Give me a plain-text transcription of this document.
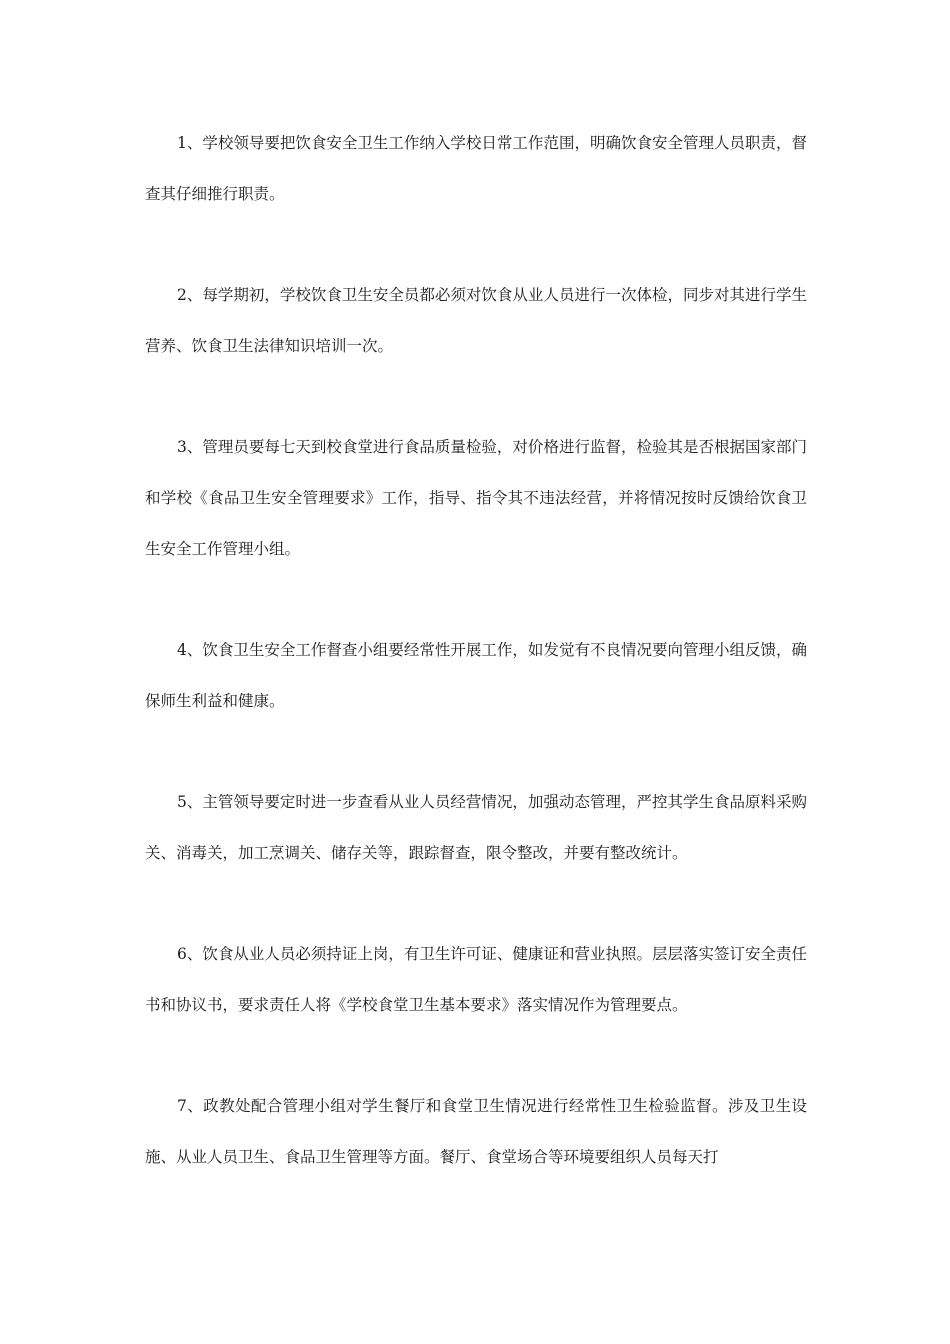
1、学校领导要把饮食安全卫生工作纳入学校日常工作范围，明确饮食安全管理人员职责，督查其仔细推行职责。

2、每学期初，学校饮食卫生安全员都必须对饮食从业人员进行一次体检，同步对其进行学生营养、饮食卫生法律知识培训一次。

3、管理员要每七天到校食堂进行食品质量检验，对价格进行监督，检验其是否根据国家部门和学校《食品卫生安全管理要求》工作，指导、指令其不违法经营，并将情况按时反馈给饮食卫生安全工作管理小组。

4、饮食卫生安全工作督查小组要经常性开展工作，如发觉有不良情况要向管理小组反馈，确保师生利益和健康。

5、主管领导要定时进一步查看从业人员经营情况，加强动态管理，严控其学生食品原料采购关、消毒关，加工烹调关、储存关等，跟踪督查，限令整改，并要有整改统计。

6、饮食从业人员必须持证上岗，有卫生许可证、健康证和营业执照。层层落实签订安全责任书和协议书，要求责任人将《学校食堂卫生基本要求》落实情况作为管理要点。

7、政教处配合管理小组对学生餐厅和食堂卫生情况进行经常性卫生检验监督。涉及卫生设施、从业人员卫生、食品卫生管理等方面。餐厅、食堂场合等环境要组织人员每天打
